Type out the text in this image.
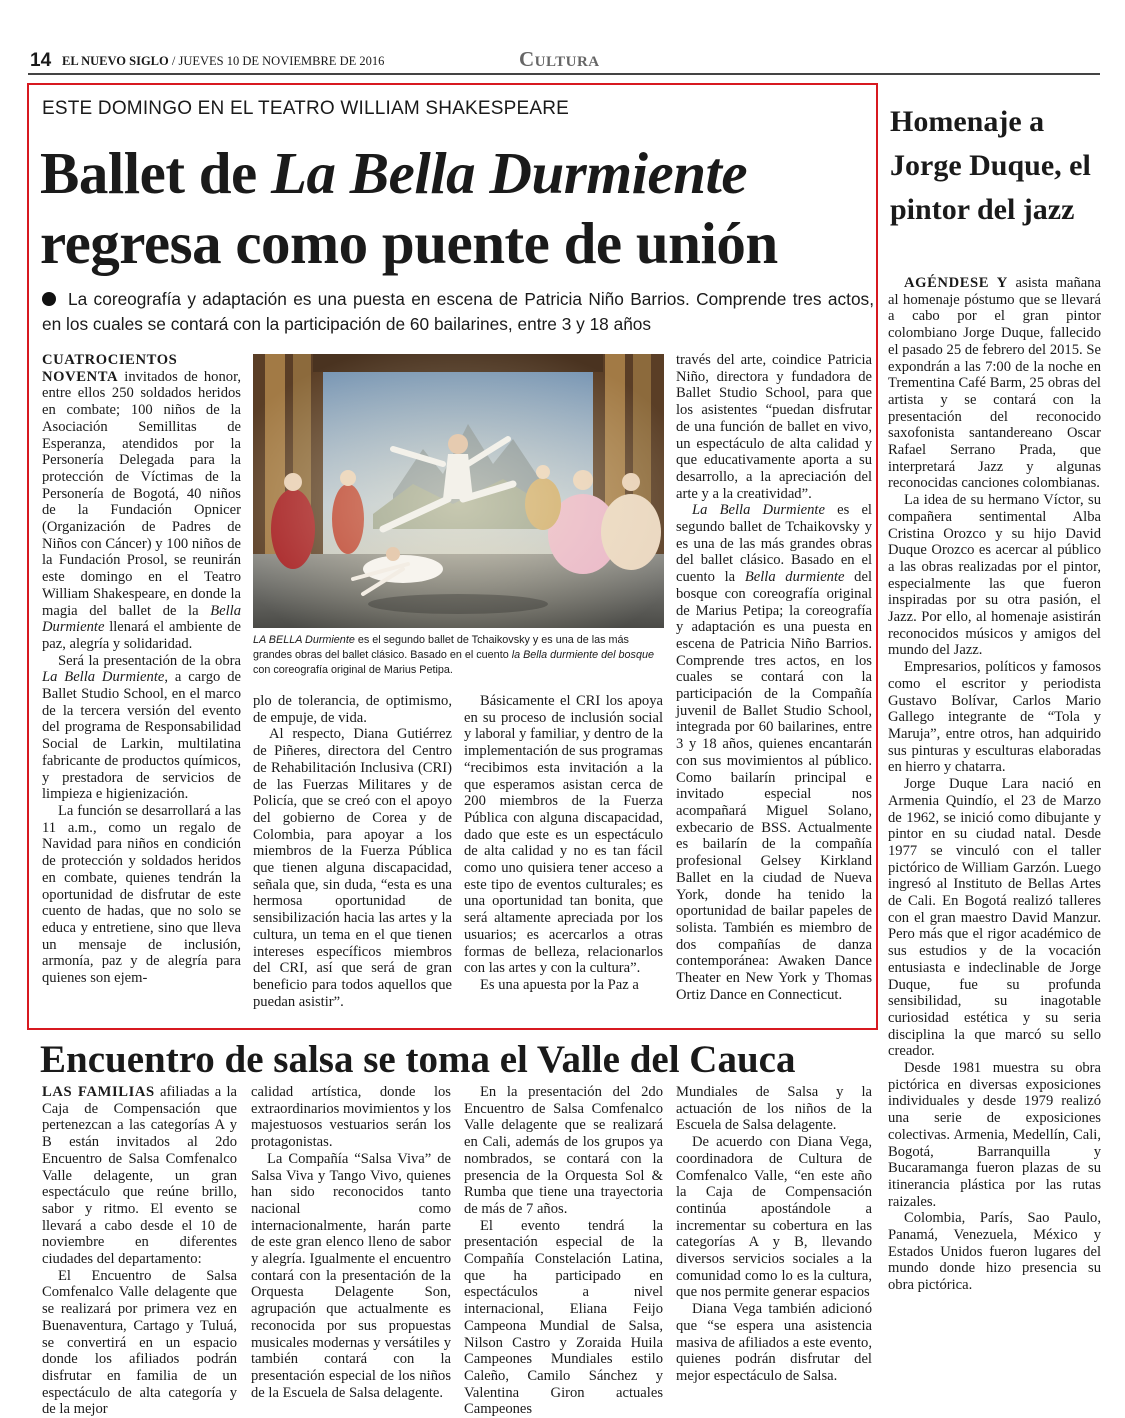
14 EL NUEVO SIGLO / JUEVES 10 DE NOVIEMBRE DE 2016	Cultura
ESTE DOMINGO EN EL TEATRO WILLIAM SHAKESPEARE
Ballet de La Bella Durmiente
regresa como puente de unión
La coreografía y adaptación es una puesta en escena de Patricia Niño Barrios. Comprende tres actos, en los cuales se contará con la participación de 60 bailarines, entre 3 y 18 años

CUATROCIENTOS NOVENTA invitados de honor, entre ellos 250 soldados heridos en combate; 100 niños de la Asociación Semillitas de Esperanza, atendidos por la Personería Delegada para la protección de Víctimas de la Personería de Bogotá, 40 niños de la Fundación Opnicer (Organización de Padres de Niños con Cáncer) y 100 niños de la Fundación Prosol, se reunirán este domingo en el Teatro William Shakespeare, en donde la magia del ballet de la Bella Durmiente llenará el ambiente de paz, alegría y solidaridad.

Será la presentación de la obra La Bella Durmiente, a cargo de Ballet Studio School, en el marco de la tercera versión del evento del programa de Responsabilidad Social de Larkin, multilatina fabricante de productos químicos, y prestadora de servicios de limpieza e higienización.

La función se desarrollará a las 11 a.m., como un regalo de Navidad para niños en condición de protección y soldados heridos en combate, quienes tendrán la oportunidad de disfrutar de este cuento de hadas, que no solo se educa y entretiene, sino que lleva un mensaje de inclusión, armonía, paz y de alegría para quienes son ejem-

LA BELLA Durmiente es el segundo ballet de Tchaikovsky y es una de las más grandes obras del ballet clásico. Basado en el cuento la Bella durmiente del bosque con coreografía original de Marius Petipa.

plo de tolerancia, de optimismo, de empuje, de vida.

Al respecto, Diana Gutiérrez de Piñeres, directora del Centro de Rehabilitación Inclusiva (CRI) de las Fuerzas Militares y de Policía, que se creó con el apoyo del gobierno de Corea y de Colombia, para apoyar a los miembros de la Fuerza Pública que tienen alguna discapacidad, señala que, sin duda, “esta es una hermosa oportunidad de sensibilización hacia las artes y la cultura, un tema en el que tienen intereses específicos miembros del CRI, así que será de gran beneficio para todos aquellos que puedan asistir”.

Básicamente el CRI los apoya en su proceso de inclusión social y laboral y familiar, y dentro de la implementación de sus programas “recibimos esta invitación a la que esperamos asistan cerca de 200 miembros de la Fuerza Pública con alguna discapacidad, dado que este es un espectáculo de alta calidad y no es tan fácil como uno quisiera tener acceso a este tipo de eventos culturales; es una oportunidad tan bonita, que será altamente apreciada por los usuarios; es acercarlos a otras formas de belleza, relacionarlos con las artes y con la cultura”.

Es una apuesta por la Paz a

través del arte, coindice Patricia Niño, directora y fundadora de Ballet Studio School, para que los asistentes “puedan disfrutar de una función de ballet en vivo, un espectáculo de alta calidad y que educativamente aporta a su desarrollo, a la apreciación del arte y a la creatividad”.

La Bella Durmiente es el segundo ballet de Tchaikovsky y es una de las más grandes obras del ballet clásico. Basado en el cuento la Bella durmiente del bosque con coreografía original de Marius Petipa; la coreografía y adaptación es una puesta en escena de Patricia Niño Barrios. Comprende tres actos, en los cuales se contará con la participación de la Compañía juvenil de Ballet Studio School, integrada por 60 bailarines, entre 3 y 18 años, quienes encantarán con sus movimientos al público. Como bailarín principal e invitado especial nos acompañará Miguel Solano, exbecario de BSS. Actualmente es bailarín de la compañía profesional Gelsey Kirkland Ballet en la ciudad de Nueva York, donde ha tenido la oportunidad de bailar papeles de solista. También es miembro de dos compañías de danza contemporánea: Awaken Dance Theater en New York y Thomas Ortiz Dance en Connecticut.

Homenaje a Jorge Duque, el pintor del jazz

AGÉNDESE Y asista mañana al homenaje póstumo que se llevará a cabo por el gran pintor colombiano Jorge Duque, fallecido el pasado 25 de febrero del 2015. Se expondrán a las 7:00 de la noche en Trementina Café Barm, 25 obras del artista y se contará con la presentación del reconocido saxofonista santandereano Oscar Rafael Serrano Prada, que interpretará Jazz y algunas reconocidas canciones colombianas.

La idea de su hermano Víctor, su compañera sentimental Alba Cristina Orozco y su hijo David Duque Orozco es acercar al público a las obras realizadas por el pintor, especialmente las que fueron inspiradas por su otra pasión, el Jazz. Por ello, al homenaje asistirán reconocidos músicos y amigos del mundo del Jazz.

Empresarios, políticos y famosos como el escritor y periodista Gustavo Bolívar, Carlos Mario Gallego integrante de “Tola y Maruja”, entre otros, han adquirido sus pinturas y esculturas elaboradas en hierro y chatarra.

Jorge Duque Lara nació en Armenia Quindío, el 23 de Marzo de 1962, se inició como dibujante y pintor en su ciudad natal. Desde 1977 se vinculó con el taller pictórico de William Garzón. Luego ingresó al Instituto de Bellas Artes de Cali. En Bogotá realizó talleres con el gran maestro David Manzur. Pero más que el rigor académico de sus estudios y de la vocación entusiasta e indeclinable de Jorge Duque, fue su profunda sensibilidad, su inagotable curiosidad estética y su seria disciplina la que marcó su sello creador.

Desde 1981 muestra su obra pictórica en diversas exposiciones individuales y desde 1979 realizó una serie de exposiciones colectivas. Armenia, Medellín, Cali, Bogotá, Barranquilla y Bucaramanga fueron plazas de su itinerancia plástica por las rutas raizales.

Colombia, París, Sao Paulo, Panamá, Venezuela, México y Estados Unidos fueron lugares del mundo donde hizo presencia su obra pictórica.

Encuentro de salsa se toma el Valle del Cauca

LAS FAMILIAS afiliadas a la Caja de Compensación que pertenezcan a las categorías A y B están invitados al 2do Encuentro de Salsa Comfenalco Valle delagente, un gran espectáculo que reúne brillo, sabor y ritmo. El evento se llevará a cabo desde el 10 de noviembre en diferentes ciudades del departamento:

El Encuentro de Salsa Comfenalco Valle delagente que se realizará por primera vez en Buenaventura, Cartago y Tuluá, se convertirá en un espacio donde los afiliados podrán disfrutar en familia de un espectáculo de alta categoría y de la mejor

calidad artística, donde los extraordinarios movimientos y los majestuosos vestuarios serán los protagonistas.

La Compañía “Salsa Viva” de Salsa Viva y Tango Vivo, quienes han sido reconocidos tanto nacional como internacionalmente, harán parte de este gran elenco lleno de sabor y alegría. Igualmente el encuentro contará con la presentación de la Orquesta Delagente Son, agrupación que actualmente es reconocida por sus propuestas musicales modernas y versátiles y también contará con la presentación especial de los niños de la Escuela de Salsa delagente.

En la presentación del 2do Encuentro de Salsa Comfenalco Valle delagente que se realizará en Cali, además de los grupos ya nombrados, se contará con la presencia de la Orquesta Sol & Rumba que tiene una trayectoria de más de 7 años.

El evento tendrá la presentación especial de la Compañía Constelación Latina, que ha participado en espectáculos a nivel internacional, Eliana Feijo Campeona Mundial de Salsa, Nilson Castro y Zoraida Huila Campeones Mundiales estilo Caleño, Camilo Sánchez y Valentina Giron actuales Campeones

Mundiales de Salsa y la actuación de los niños de la Escuela de Salsa delagente.

De acuerdo con Diana Vega, coordinadora de Cultura de Comfenalco Valle, “en este año la Caja de Compensación continúa apostándole a incrementar su cobertura en las categorías A y B, llevando diversos servicios sociales a la comunidad como lo es la cultura, que nos permite generar espacios

Diana Vega también adicionó que “se espera una asistencia masiva de afiliados a este evento, quienes podrán disfrutar del mejor espectáculo de Salsa.
